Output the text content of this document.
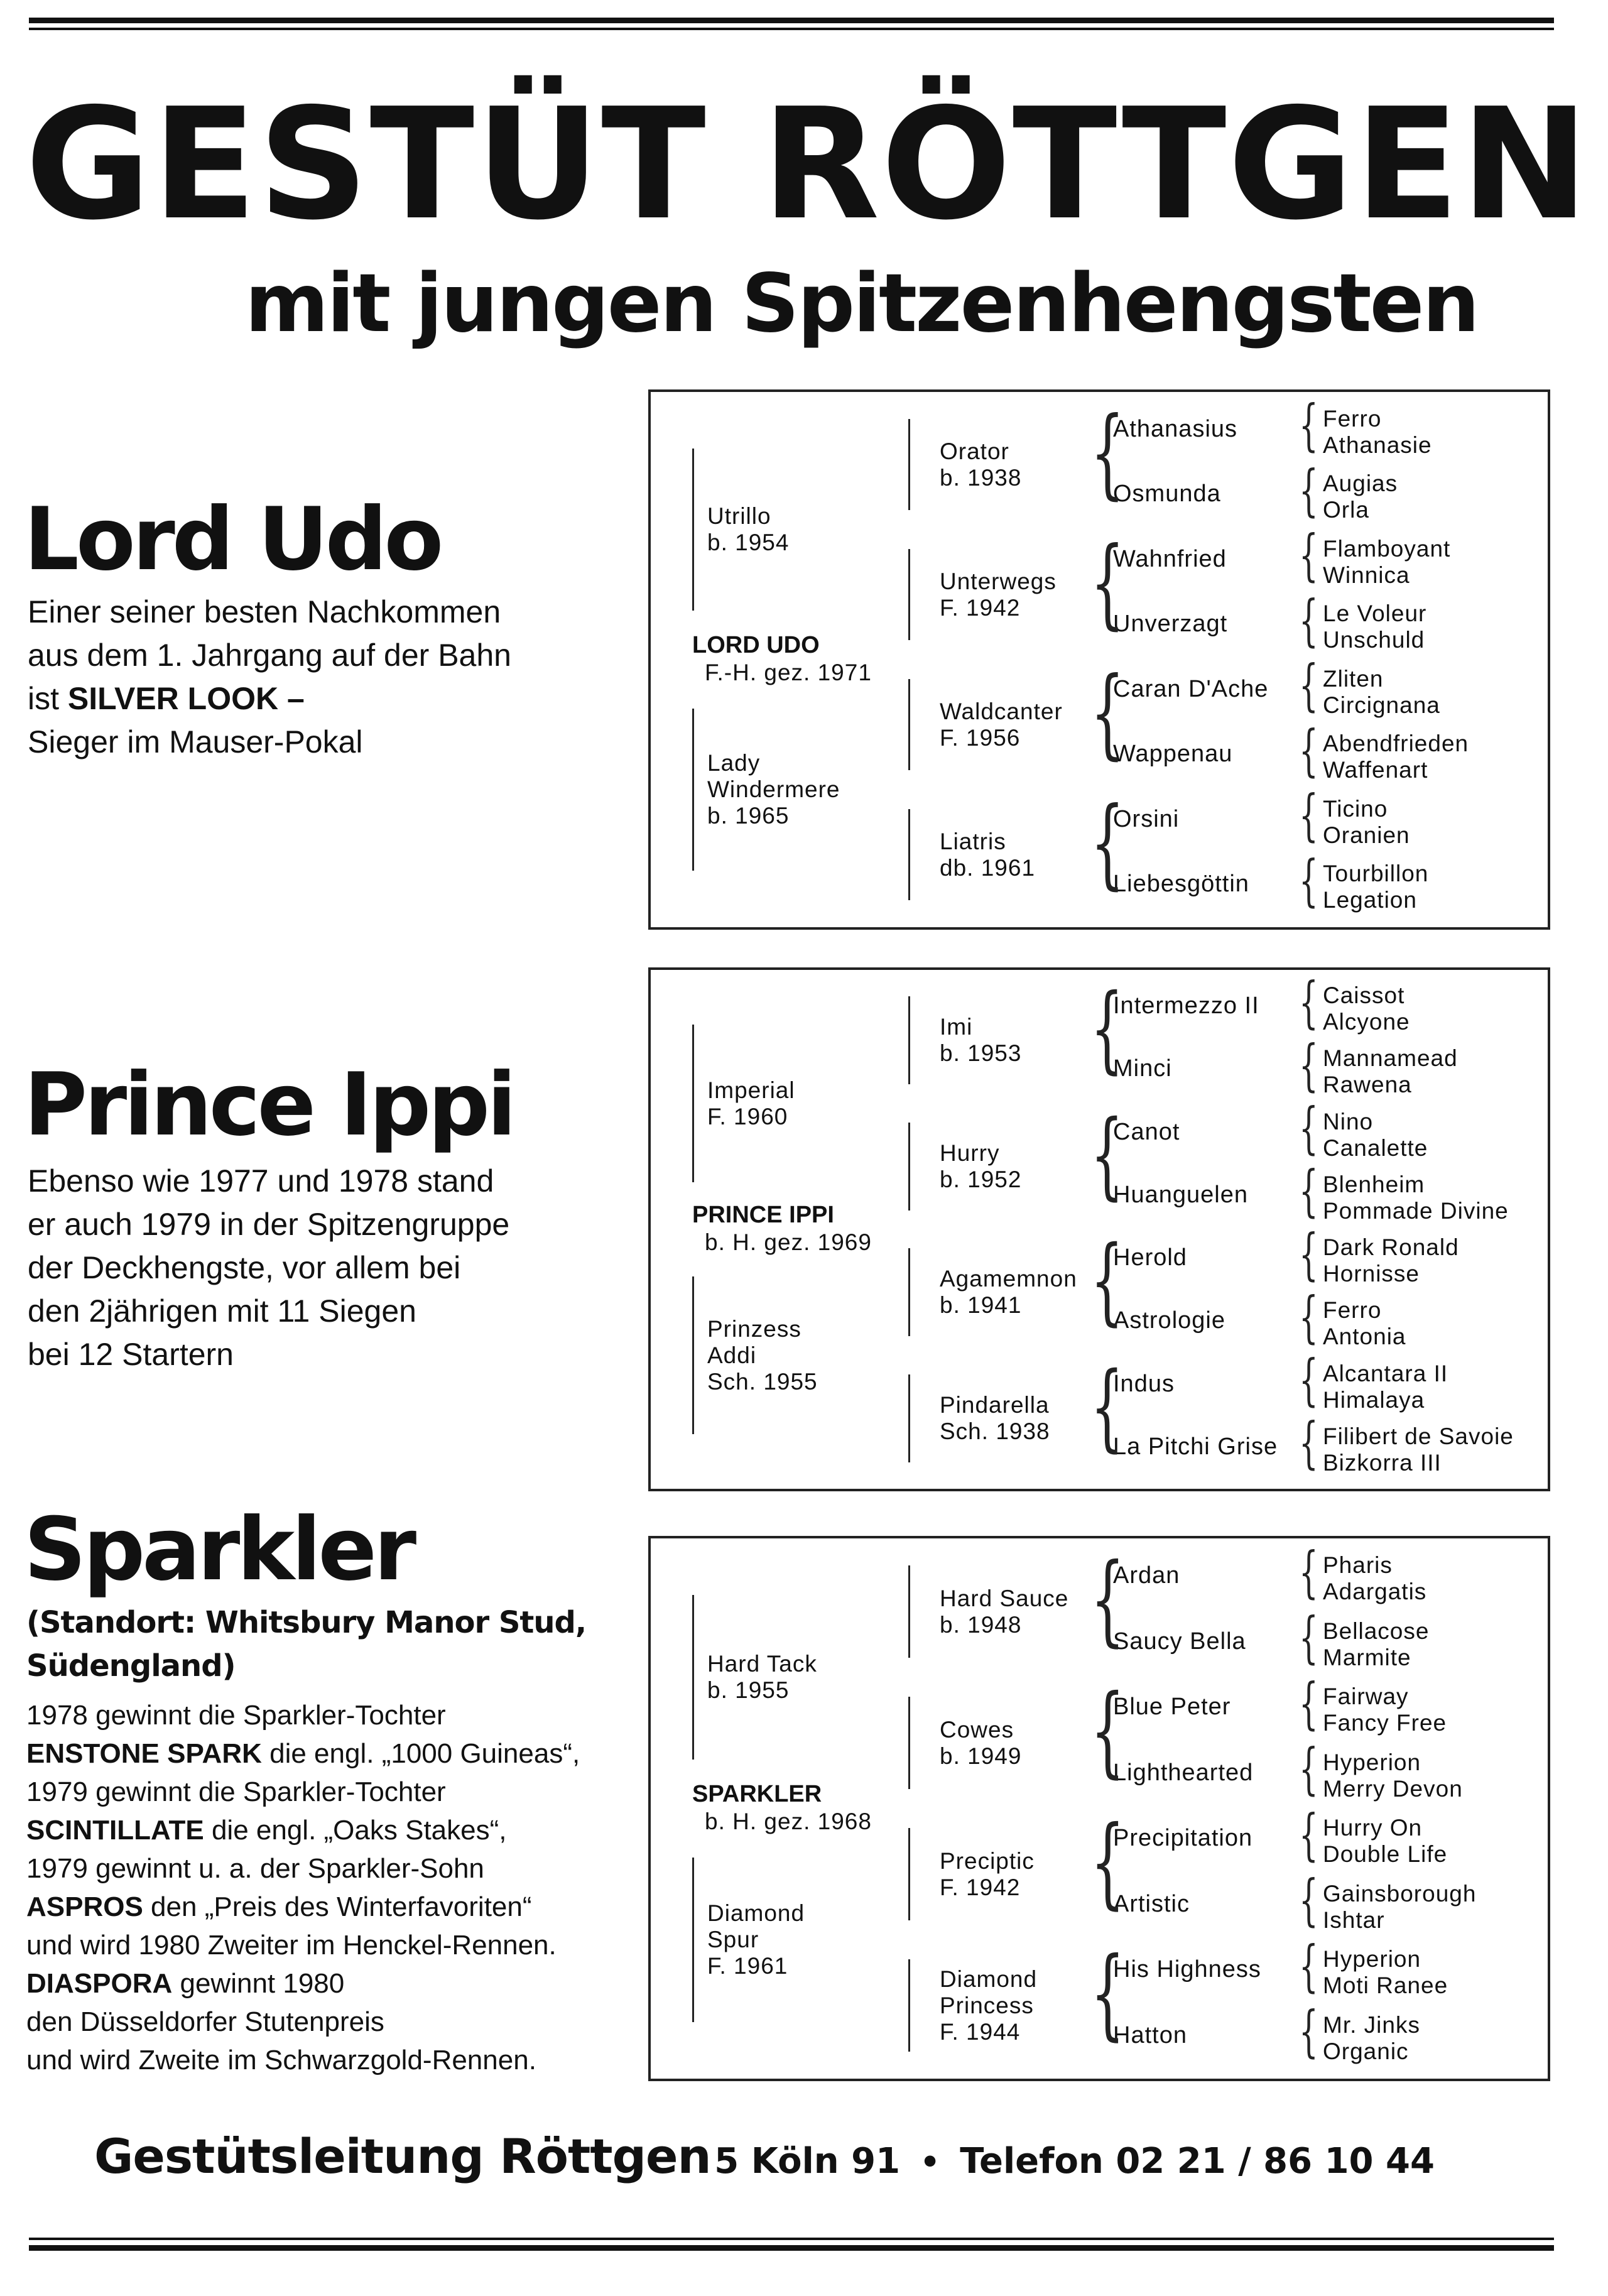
GESTÜT RÖTTGEN
mit jungen Spitzenhengsten
Lord Udo
Einer seiner besten Nachkommen
aus dem 1. Jahrgang auf der Bahn
ist SILVER LOOK –
Sieger im Mauser-Pokal
{ Ferro
Athanasie
{ Augias
Orla
{ Flamboyant
Winnica
{ Le Voleur
Unschuld
{ Zliten
Circignana
{ Abendfrieden
Waffenart
{ Ticino
Oranien
{ Tourbillon
Legation
Athanasius
Osmunda
Wahnfried
Unverzagt
Caran D'Ache
Wappenau
Orsini
Liebesgöttin
{
{
{
{
Orator
b. 1938
Unterwegs
F. 1942
Waldcanter
F. 1956
Liatris
db. 1961
Utrillo
b. 1954
Lady
Windermere
b. 1965
LORD UDO
F.-H. gez. 1971
Prince Ippi
Ebenso wie 1977 und 1978 stand
er auch 1979 in der Spitzengruppe
der Deckhengste, vor allem bei
den 2jährigen mit 11 Siegen
bei 12 Startern
{ Caissot
Alcyone
{ Mannamead
Rawena
{ Nino
Canalette
{ Blenheim
Pommade Divine
{ Dark Ronald
Hornisse
{ Ferro
Antonia
{ Alcantara II
Himalaya
{ Filibert de Savoie
Bizkorra III
Intermezzo II
Minci
Canot
Huanguelen
Herold
Astrologie
Indus
La Pitchi Grise
{
{
{
{
Imi
b. 1953
Hurry
b. 1952
Agamemnon
b. 1941
Pindarella
Sch. 1938
Imperial
F. 1960
Prinzess
Addi
Sch. 1955
PRINCE IPPI
b. H. gez. 1969
Sparkler
(Standort: Whitsbury Manor Stud,
Südengland)
1978 gewinnt die Sparkler-Tochter
ENSTONE SPARK die engl. „1000 Guineas“,
1979 gewinnt die Sparkler-Tochter
SCINTILLATE die engl. „Oaks Stakes“,
1979 gewinnt u. a. der Sparkler-Sohn
ASPROS den „Preis des Winterfavoriten“
und wird 1980 Zweiter im Henckel-Rennen.
DIASPORA gewinnt 1980
den Düsseldorfer Stutenpreis
und wird Zweite im Schwarzgold-Rennen.
{ Pharis
Adargatis
{ Bellacose
Marmite
{ Fairway
Fancy Free
{ Hyperion
Merry Devon
{ Hurry On
Double Life
{ Gainsborough
Ishtar
{ Hyperion
Moti Ranee
{ Mr. Jinks
Organic
Ardan
Saucy Bella
Blue Peter
Lighthearted
Precipitation
Artistic
His Highness
Hatton
{
{
{
{
Hard Sauce
b. 1948
Cowes
b. 1949
Preciptic
F. 1942
Diamond
Princess
F. 1944
Hard Tack
b. 1955
Diamond
Spur
F. 1961
SPARKLER
b. H. gez. 1968
Gestütsleitung Röttgen 5 Köln 91 • Telefon 02 21 / 86 10 44
